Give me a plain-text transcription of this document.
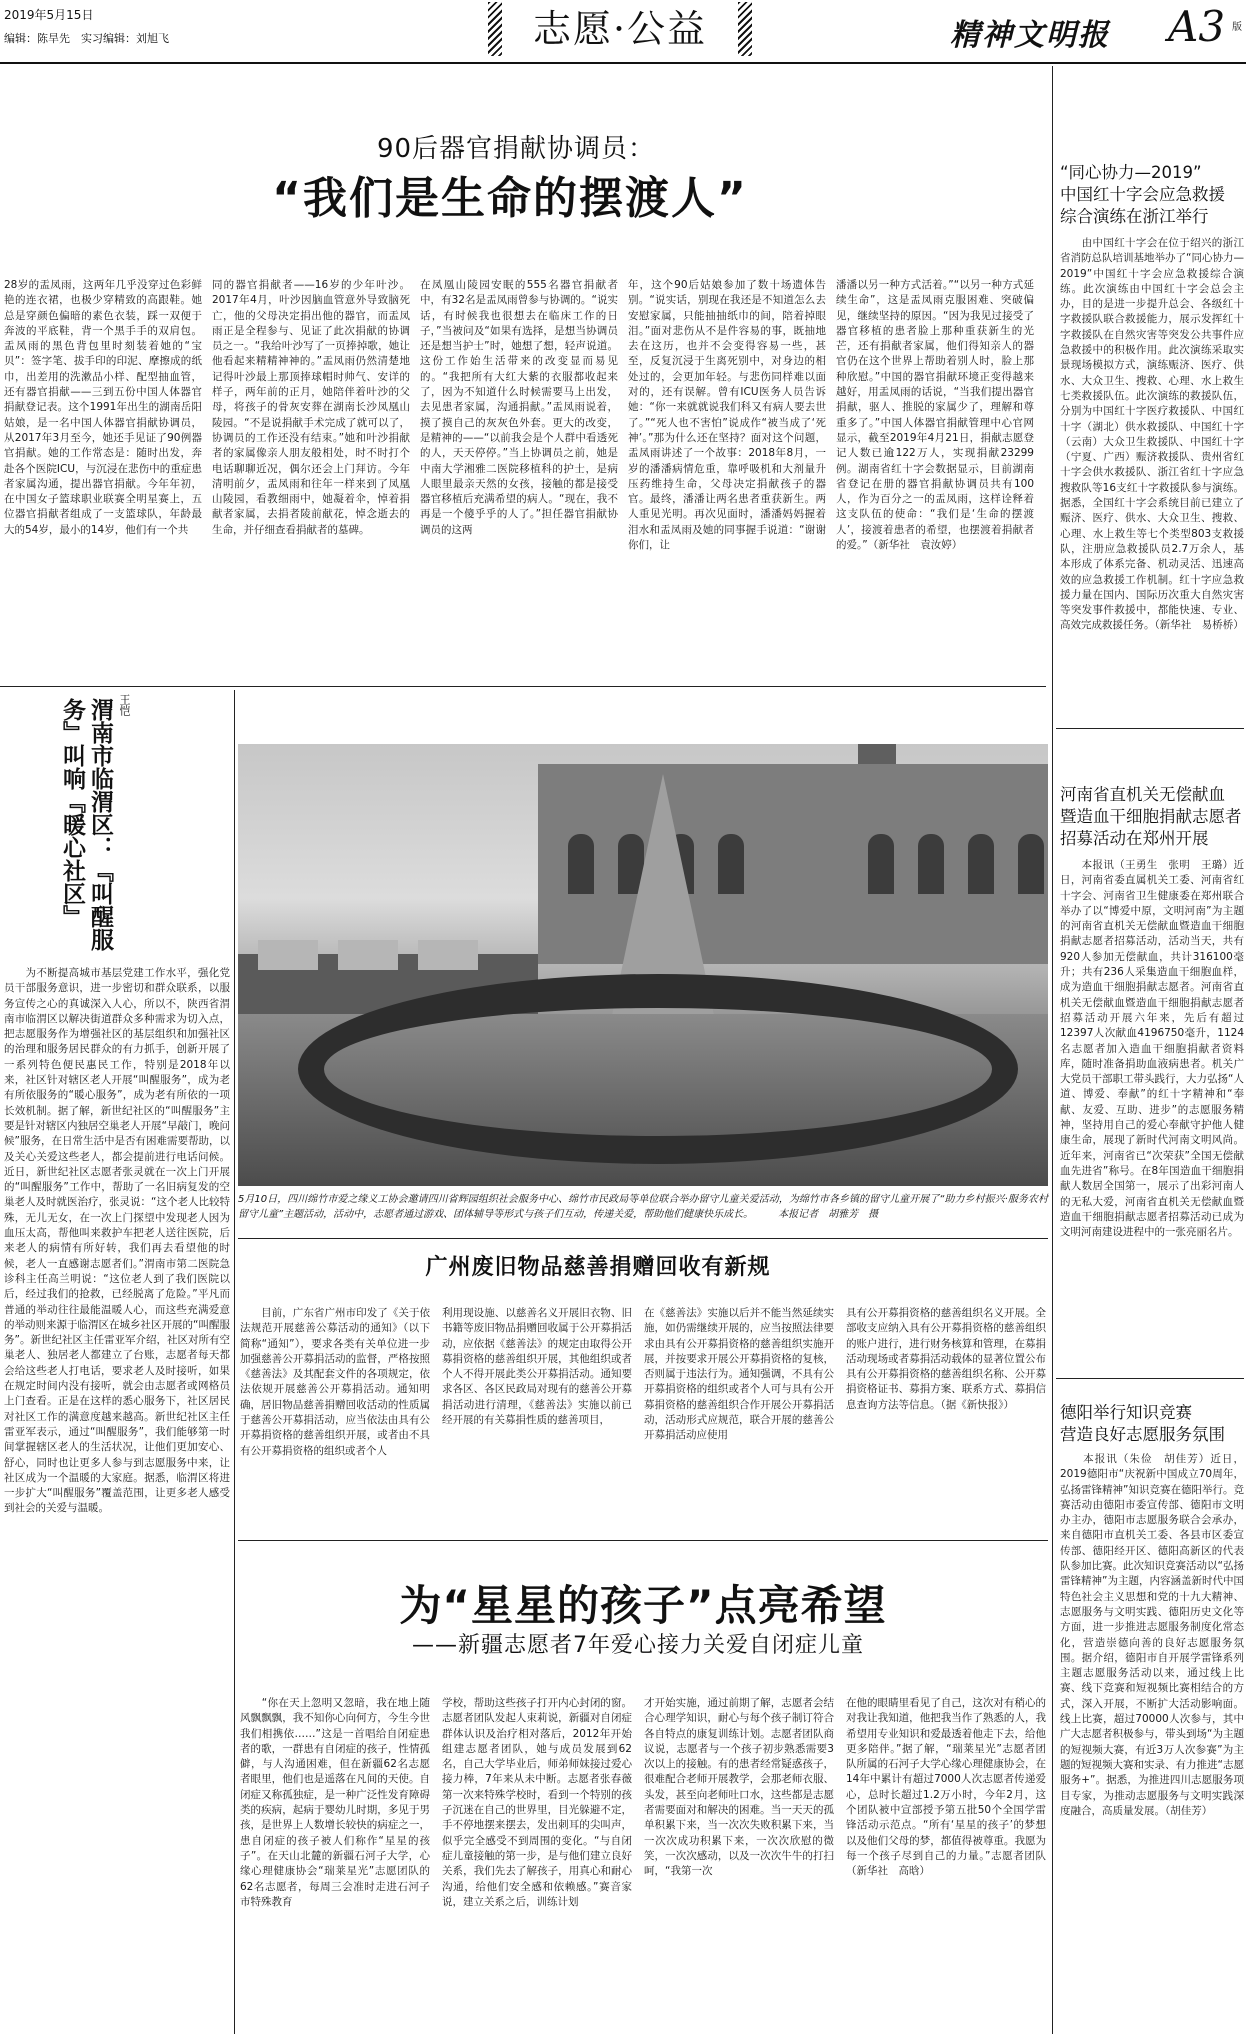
2019年5月15日
编辑：陈旱先　实习编辑：刘旭飞	志愿·公益	精神文明报 A3 版
90后器官捐献协调员：
“我们是生命的摆渡人”
28岁的盂凤雨，这两年几乎没穿过色彩鲜艳的连衣裙，也极少穿精致的高跟鞋。她总是穿颜色偏暗的素色衣装，踩一双便于奔波的平底鞋，背一个黑手手的双肩包。盂凤雨的黑色背包里时刻装着她的“宝贝”：签字笔、拔手印的印泥、摩擦成的纸巾，出差用的洗漱品小样、配型抽血管，还有器官捐献——三到五份中国人体器官捐献登记表。这个1991年出生的湖南岳阳姑娘，是一名中国人体器官捐献协调员，从2017年3月至今，她还手见证了90例器官捐献。她的工作常态是：随时出发，奔赴各个医院ICU，与沉浸在悲伤中的重症患者家属沟通，提出器官捐献。今年年初，在中国女子篮球职业联赛全明星赛上，五位器官捐献者组成了一支篮球队，年龄最大的54岁，最小的14岁，他们有一个共
同的器官捐献者——16岁的少年叶沙。2017年4月，叶沙因脑血管意外导致脑死亡，他的父母决定捐出他的器官，而盂凤雨正是全程参与、见证了此次捐献的协调员之一。“我给叶沙写了一页捧掉歌，她让他看起来精精神神的。”盂凤雨仍然清楚地记得叶沙最上那顶捧球帽时帅气、安详的样子，两年前的正月，她陪伴着叶沙的父母，将孩子的骨灰安葬在湖南长沙凤凰山陵园。“不是说捐献手术完成了就可以了，协调员的工作还没有结束。”她和叶沙捐献者的家属像亲人朋友般相处，时不时打个电话聊聊近况，偶尔还会上门拜访。今年清明前夕，盂凤雨和往年一样来到了凤凰山陵园，看教细雨中，她凝着伞，悼着捐献者家属，去捐者陵前献花，悼念逝去的生命，并仔细查看捐献者的墓碑。
在凤凰山陵园安眠的555名器官捐献者中，有32名是盂凤雨曾参与协调的。“说实话，有时候我也很想去在临床工作的日子，”当被问及“如果有选择，是想当协调员还是想当护士”时，她想了想，轻声说道。这份工作始生活带来的改变显而易见的。“我把所有大红大紫的衣服都收起来了，因为不知道什么时候需要马上出发，去见患者家属，沟通捐献。”盂凤雨说着，摸了摸自己的灰灰色外套。更大的改变，是精神的——“以前我会是个人群中看透死的人，天天停停。”当上协调员之前，她是中南大学湘雅二医院移植科的护士，是病人眼里最亲天然的女孩，接触的都是接受器官移植后充满希望的病人。“现在，我不再是一个傻乎乎的人了。”担任器官捐献协调员的这两
年，这个90后姑娘参加了数十场遗体告别。“说实话，别现在我还是不知道怎么去安慰家属，只能抽抽纸巾的间，陪着掉眼泪。”面对悲伤从不是件容易的事，既抽地去在这历，也并不会变得容易一些，甚至，反复沉浸于生离死别中，对身边的相处过的，会更加年轻。与悲伤同样难以面对的，还有误解。曾有ICU医务人员告诉她：“你一来就就说我们科又有病人要去世了。”“死人也不害怕”说成作“被当成了‘死神’。”那为什么还在坚持？面对这个问题，盂凤雨讲述了一个故事：2018年8月，一岁的潘潘病情危重，靠呼吸机和大剂量升压药维持生命，父母决定捐献孩子的器官。最终，潘潘让两名患者重获新生。两人重见光明。再次见面时，潘潘妈妈握着泪水和盂凤雨及她的同事握手说道：“谢谢你们，让
潘潘以另一种方式活着。”“以另一种方式延续生命”，这是盂凤雨克服困难、突破偏见，继续坚持的原因。“因为我见过接受了器官移植的患者脸上那种重获新生的光芒，还有捐献者家属，他们得知亲人的器官仍在这个世界上帮助着别人时，脸上那种欣慰。”中国的器官捐献环境正变得越来越好，用盂凤雨的话说，“当我们提出器官捐献，驱人、推脱的家属少了，理解和尊重多了。”中国人体器官捐献管理中心官网显示，截至2019年4月21日，捐献志愿登记人数已逾122万人，实现捐献23299例。湖南省红十字会数据显示，目前湖南省登记在册的器官捐献协调员共有100人，作为百分之一的盂凤雨，这样诠释着这支队伍的使命：“我们是‘生命的摆渡人’，接渡着患者的希望，也摆渡着捐献者的爱。”（新华社　袁汝婷）
“同心协力—2019”
中国红十字会应急救援
综合演练在浙江举行
　　由中国红十字会在位于绍兴的浙江省消防总队培训基地举办了“同心协力—2019”中国红十字会应急救援综合演练。此次演练由中国红十字会总会主办，目的是进一步提升总会、各级红十字救援队联合救援能力，展示发挥红十字救援队在自然灾害等突发公共事件应急救援中的积极作用。此次演练采取实景现场模拟方式，演练赈济、医疗、供水、大众卫生、搜救、心理、水上救生七类救援队伍。此次演练的救援队伍，分别为中国红十字医疗救援队、中国红十字（湖北）供水救援队、中国红十字（云南）大众卫生救援队、中国红十字（宁夏、广西）赈济救援队、贵州省红十字会供水救援队、浙江省红十字应急搜救队等16支红十字救援队参与演练。据悉，全国红十字会系统目前已建立了赈济、医疗、供水、大众卫生、搜救、心理、水上救生等七个类型803支救援队，注册应急救援队员2.7万余人，基本形成了体系完备、机动灵活、迅速高效的应急救援工作机制。红十字应急救援力量在国内、国际历次重大自然灾害等突发事件救援中，都能快速、专业、高效完成救援任务。（新华社　易桥桥）
河南省直机关无偿献血
暨造血干细胞捐献志愿者
招募活动在郑州开展
　　本报讯（王勇生　张明　王璐）近日，河南省委直属机关工委、河南省红十字会、河南省卫生健康委在郑州联合举办了以“博爱中原，文明河南”为主题的河南省直机关无偿献血暨造血干细胞捐献志愿者招募活动，活动当天，共有920人参加无偿献血，共计316100毫升；共有236人采集造血干细胞血样，成为造血干细胞捐献志愿者。河南省直机关无偿献血暨造血干细胞捐献志愿者招募活动开展六年来，先后有超过12397人次献血4196750毫升，1124名志愿者加入造血干细胞捐献者资料库，随时准备捐助血液病患者。机关广大党员干部职工带头践行，大力弘扬“人道、博爱、奉献”的红十字精神和“奉献、友爱、互助、进步”的志愿服务精神，坚持用自己的爱心奉献守护他人健康生命，展现了新时代河南文明风尚。近年来，河南省已“次荣获”全国无偿献血先进省”称号。在8年国造血干细胞捐献人数居全国第一，展示了出彩河南人的无私大爱，河南省直机关无偿献血暨造血干细胞捐献志愿者招募活动已成为文明河南建设进程中的一张亮丽名片。
德阳举行知识竞赛
营造良好志愿服务氛围
　　本报讯（朱俭　胡佳芳）近日，2019德阳市“庆祝新中国成立70周年，弘扬雷锋精神”知识竞赛在德阳举行。竞赛活动由德阳市委宣传部、德阳市文明办主办，德阳市志愿服务联合会承办，来自德阳市直机关工委、各县市区委宣传部、德阳经开区、德阳高新区的代表队参加比赛。此次知识竞赛活动以“弘扬雷锋精神”为主题，内容涵盖新时代中国特色社会主义思想和党的十九大精神、志愿服务与文明实践、德阳历史文化等方面，进一步推进志愿服务制度化常态化，营造崇德向善的良好志愿服务氛围。据介绍，德阳市自开展学雷锋系列主题志愿服务活动以来，通过线上比赛、线下竞赛和短视频比赛相结合的方式，深入开展，不断扩大活动影响面。线上比赛，超过70000人次参与，其中广大志愿者积极参与，带头到场“为主题的短视频大赛，有近3万人次参赛”为主题的短视频大赛和实录、有力推进“志愿服务+”。据悉，为推进四川志愿服务项目专家，为推动志愿服务与文明实践深度融合，高质量发展。（胡佳芳）
王恺
渭南市临渭区：『叫醒服务』叫响『暖心社区』
　　为不断提高城市基层党建工作水平，强化党员干部服务意识，进一步密切和群众联系，以服务宣传之心的真诚深入人心，所以不，陕西省渭南市临渭区以解决街道群众多种需求为切入点，把志愿服务作为增强社区的基层组织和加强社区的治理和服务居民群众的有力抓手，创新开展了一系列特色便民惠民工作，特别是2018年以来，社区针对辖区老人开展“叫醒服务”，成为老有所依服务的“暖心服务”，成为老有所依的一项长效机制。据了解，新世纪社区的“叫醒服务”主要是针对辖区内独居空巢老人开展“早敲门，晚问候”服务，在日常生活中是否有困难需要帮助，以及关心关爱这些老人，都会提前进行电话问候。近日，新世纪社区志愿者张灵就在一次上门开展的“叫醒服务”工作中，帮助了一名旧病复发的空巢老人及时就医治疗，张灵说：“这个老人比较特殊，无儿无女，在一次上门探望中发现老人因为血压太高，帮他叫来救护车把老人送往医院，后来老人的病情有所好转，我们再去看望他的时候，老人一直感谢志愿者们。”渭南市第二医院急诊科主任高兰明说：“这位老人到了我们医院以后，经过我们的抢救，已经脱离了危险。”平凡而普通的举动往往最能温暖人心，而这些充满爱意的举动则来源于临渭区在城乡社区开展的“叫醒服务”。新世纪社区主任雷亚军介绍，社区对所有空巢老人、独居老人都建立了台账，志愿者每天都会给这些老人打电话，要求老人及时接听，如果在规定时间内没有接听，就会由志愿者或网格员上门查看。正是在这样的悉心服务下，社区居民对社区工作的满意度越来越高。新世纪社区主任雷亚军表示，通过“叫醒服务”，我们能够第一时间掌握辖区老人的生活状况，让他们更加安心、舒心，同时也让更多人参与到志愿服务中来，让社区成为一个温暖的大家庭。据悉，临渭区将进一步扩大“叫醒服务”覆盖范围，让更多老人感受到社会的关爱与温暖。
5月10日，四川绵竹市爱之缘义工协会邀请四川省辉园组织社会服务中心、绵竹市民政局等单位联合举办留守儿童关爱活动，为绵竹市各乡镇的留守儿童开展了“助力乡村振兴·服务农村留守儿童”主题活动，活动中，志愿者通过游戏、团体辅导等形式与孩子们互动，传递关爱，帮助他们健康快乐成长。　　　本报记者　胡雅芳　摄
广州废旧物品慈善捐赠回收有新规
　　目前，广东省广州市印发了《关于依法规范开展慈善公募活动的通知》（以下简称“通知”），要求各类有关单位进一步加强慈善公开募捐活动的监督，严格按照《慈善法》及其配套文件的各项规定，依法依规开展慈善公开募捐活动。通知明确，居旧物品慈善捐赠回收活动的性质属于慈善公开募捐活动，应当依法由具有公开募捐资格的慈善组织开展，或者由不具有公开募捐资格的组织或者个人
利用现设施、以慈善名义开展旧衣物、旧书籍等废旧物品捐赠回收属于公开募捐活动，应依据《慈善法》的规定由取得公开募捐资格的慈善组织开展，其他组织或者个人不得开展此类公开募捐活动。通知要求各区、各区民政局对现有的慈善公开募捐活动进行清理，《慈善法》实施以前已经开展的有关募捐性质的慈善项目，
在《慈善法》实施以后并不能当然延续实施，如仍需继续开展的，应当按照法律要求由具有公开募捐资格的慈善组织实施开展，并按要求开展公开募捐资格的复核，否则属于违法行为。通知强调，不具有公开募捐资格的组织或者个人可与具有公开募捐资格的慈善组织合作开展公开募捐活动，活动形式应规范，联合开展的慈善公开募捐活动应使用
具有公开募捐资格的慈善组织名义开展。全部收支应纳入具有公开募捐资格的慈善组织的账户进行，进行财务核算和管理，在募捐活动现场或者募捐活动载体的显著位置公布具有公开募捐资格的慈善组织名称、公开募捐资格证书、募捐方案、联系方式、募捐信息查询方法等信息。（据《新快报》）
为“星星的孩子”点亮希望
——新疆志愿者7年爱心接力关爱自闭症儿童
　　“你在天上忽明又忽暗，我在地上随风飘飘飘，我不知你心向何方，今生今世我们相携依……”这是一首唱给自闭症患者的歌，一群患有自闭症的孩子，性情孤僻，与人沟通困难，但在新疆62名志愿者眼里，他们也是遥落在凡间的天使。自闭症又称孤独症，是一种广泛性发育障碍类的疾病，起病于婴幼儿时期，多见于男孩，是世界上人数增长较快的病症之一，患自闭症的孩子被人们称作“星星的孩子”。在天山北麓的新疆石河子大学，心缘心理健康协会“瑞莱星光”志愿团队的62名志愿者，每周三会准时走进石河子市特殊教育
学校，帮助这些孩子打开内心封闭的窗。志愿者团队发起人束莉说，新疆对自闭症群体认识及治疗相对落后，2012年开始组建志愿者团队，她与成员发展到62名，自己大学毕业后，师弟师妹接过爱心接力棒，7年来从未中断。志愿者张春薇第一次来特殊学校时，看到一个特别的孩子沉迷在自己的世界里，目光躲避不定，手不停地摆来摆去，发出刺耳的尖叫声，似乎完全感受不到周围的变化。“与自闭症儿童接触的第一步，是与他们建立良好关系，我们先去了解孩子，用真心和耐心沟通，给他们安全感和依赖感。”赛音家说，建立关系之后，训练计划
才开始实施，通过前期了解，志愿者会结合心理学知识，耐心与每个孩子制订符合各自特点的康复训练计划。志愿者团队商议说，志愿者与一个孩子初步熟悉需要3次以上的接触。有的患者经常疑惑孩子，很难配合老师开展教学，会那老师衣服、头发，甚至向老师吐口水，这些都是志愿者需要面对和解决的困难。当一天天的孤单积累下来，当一次次失败积累下来，当一次次成功积累下来，一次次欣慰的微笑，一次次感动，以及一次次牛牛的打扫呵，“我第一次
在他的眼睛里看见了自己，这次对有稍心的对我让我知道，他把我当作了熟悉的人，我希望用专业知识和爱最透着他走下去，给他更多陪伴。”据了解，“瑞莱星光”志愿者团队所属的石河子大学心缘心理健康协会，在14年中累计有超过7000人次志愿者传递爱心，总时长超过1.2万小时，今年2月，这个团队被中宣部授予第五批50个全国学雷锋活动示范点。“所有‘星星的孩子’的梦想以及他们父母的梦，都值得被尊重。我愿为每一个孩子尽到自己的力量。”志愿者团队（新华社　高晗）
